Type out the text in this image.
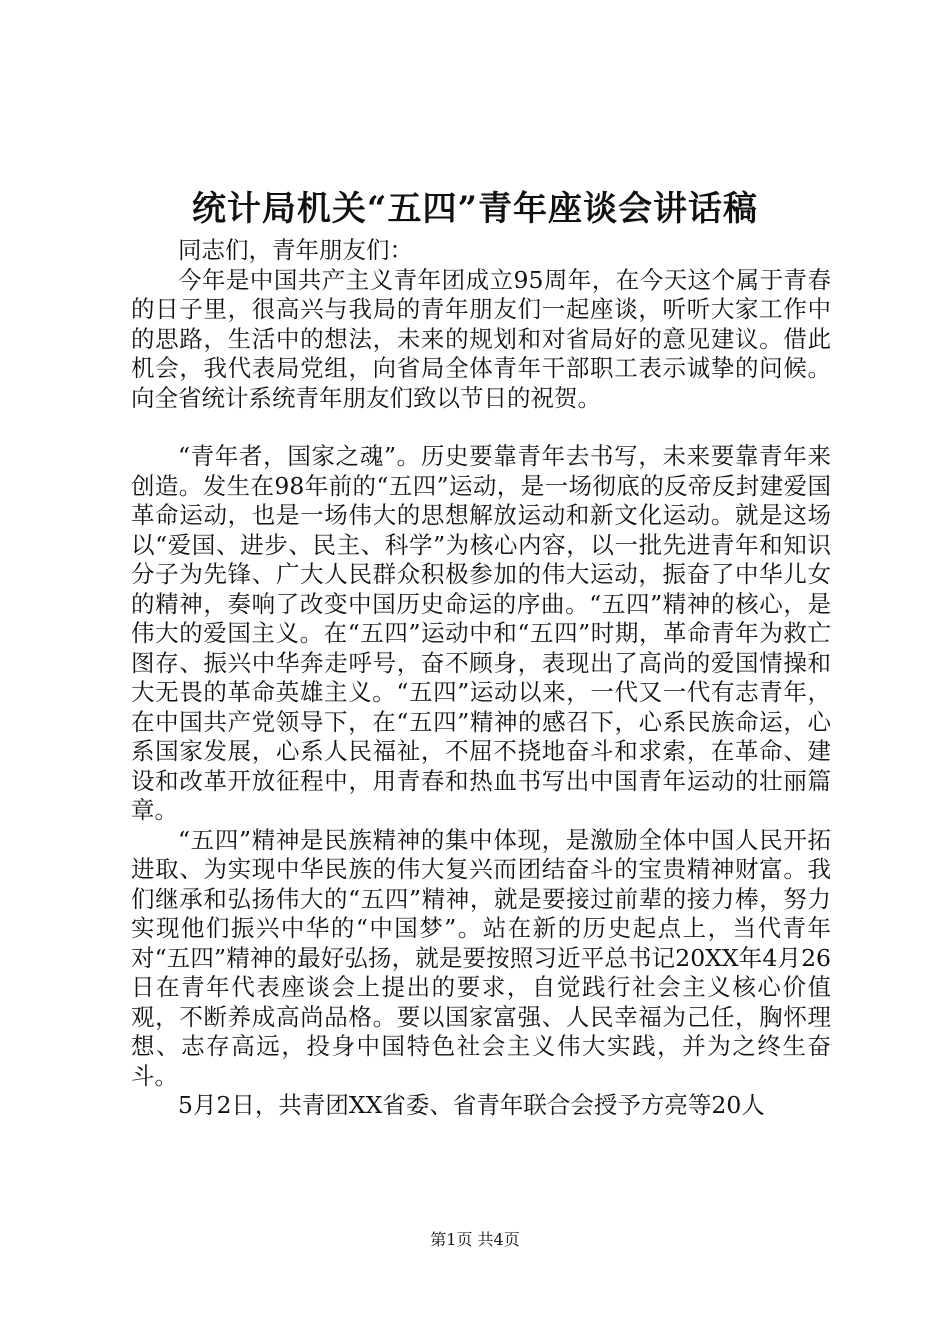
统计局机关“五四”青年座谈会讲话稿

同志们，青年朋友们：

今年是中国共产主义青年团成立95周年，在今天这个属于青春的日子里，很高兴与我局的青年朋友们一起座谈，听听大家工作中的思路，生活中的想法，未来的规划和对省局好的意见建议。借此机会，我代表局党组，向省局全体青年干部职工表示诚挚的问候。向全省统计系统青年朋友们致以节日的祝贺。

“青年者，国家之魂”。历史要靠青年去书写，未来要靠青年来创造。发生在98年前的“五四”运动，是一场彻底的反帝反封建爱国革命运动，也是一场伟大的思想解放运动和新文化运动。就是这场以“爱国、进步、民主、科学”为核心内容，以一批先进青年和知识分子为先锋、广大人民群众积极参加的伟大运动，振奋了中华儿女的精神，奏响了改变中国历史命运的序曲。“五四”精神的核心，是伟大的爱国主义。在“五四”运动中和“五四”时期，革命青年为救亡图存、振兴中华奔走呼号，奋不顾身，表现出了高尚的爱国情操和大无畏的革命英雄主义。“五四”运动以来，一代又一代有志青年，在中国共产党领导下，在“五四”精神的感召下，心系民族命运，心系国家发展，心系人民福祉，不屈不挠地奋斗和求索，在革命、建设和改革开放征程中，用青春和热血书写出中国青年运动的壮丽篇章。

“五四”精神是民族精神的集中体现，是激励全体中国人民开拓进取、为实现中华民族的伟大复兴而团结奋斗的宝贵精神财富。我们继承和弘扬伟大的“五四”精神，就是要接过前辈的接力棒，努力实现他们振兴中华的“中国梦”。站在新的历史起点上，当代青年对“五四”精神的最好弘扬，就是要按照习近平总书记20XX年4月26日在青年代表座谈会上提出的要求，自觉践行社会主义核心价值观，不断养成高尚品格。要以国家富强、人民幸福为己任，胸怀理想、志存高远，投身中国特色社会主义伟大实践，并为之终生奋斗。

5月2日，共青团XX省委、省青年联合会授予方亮等20人

第1页 共4页
